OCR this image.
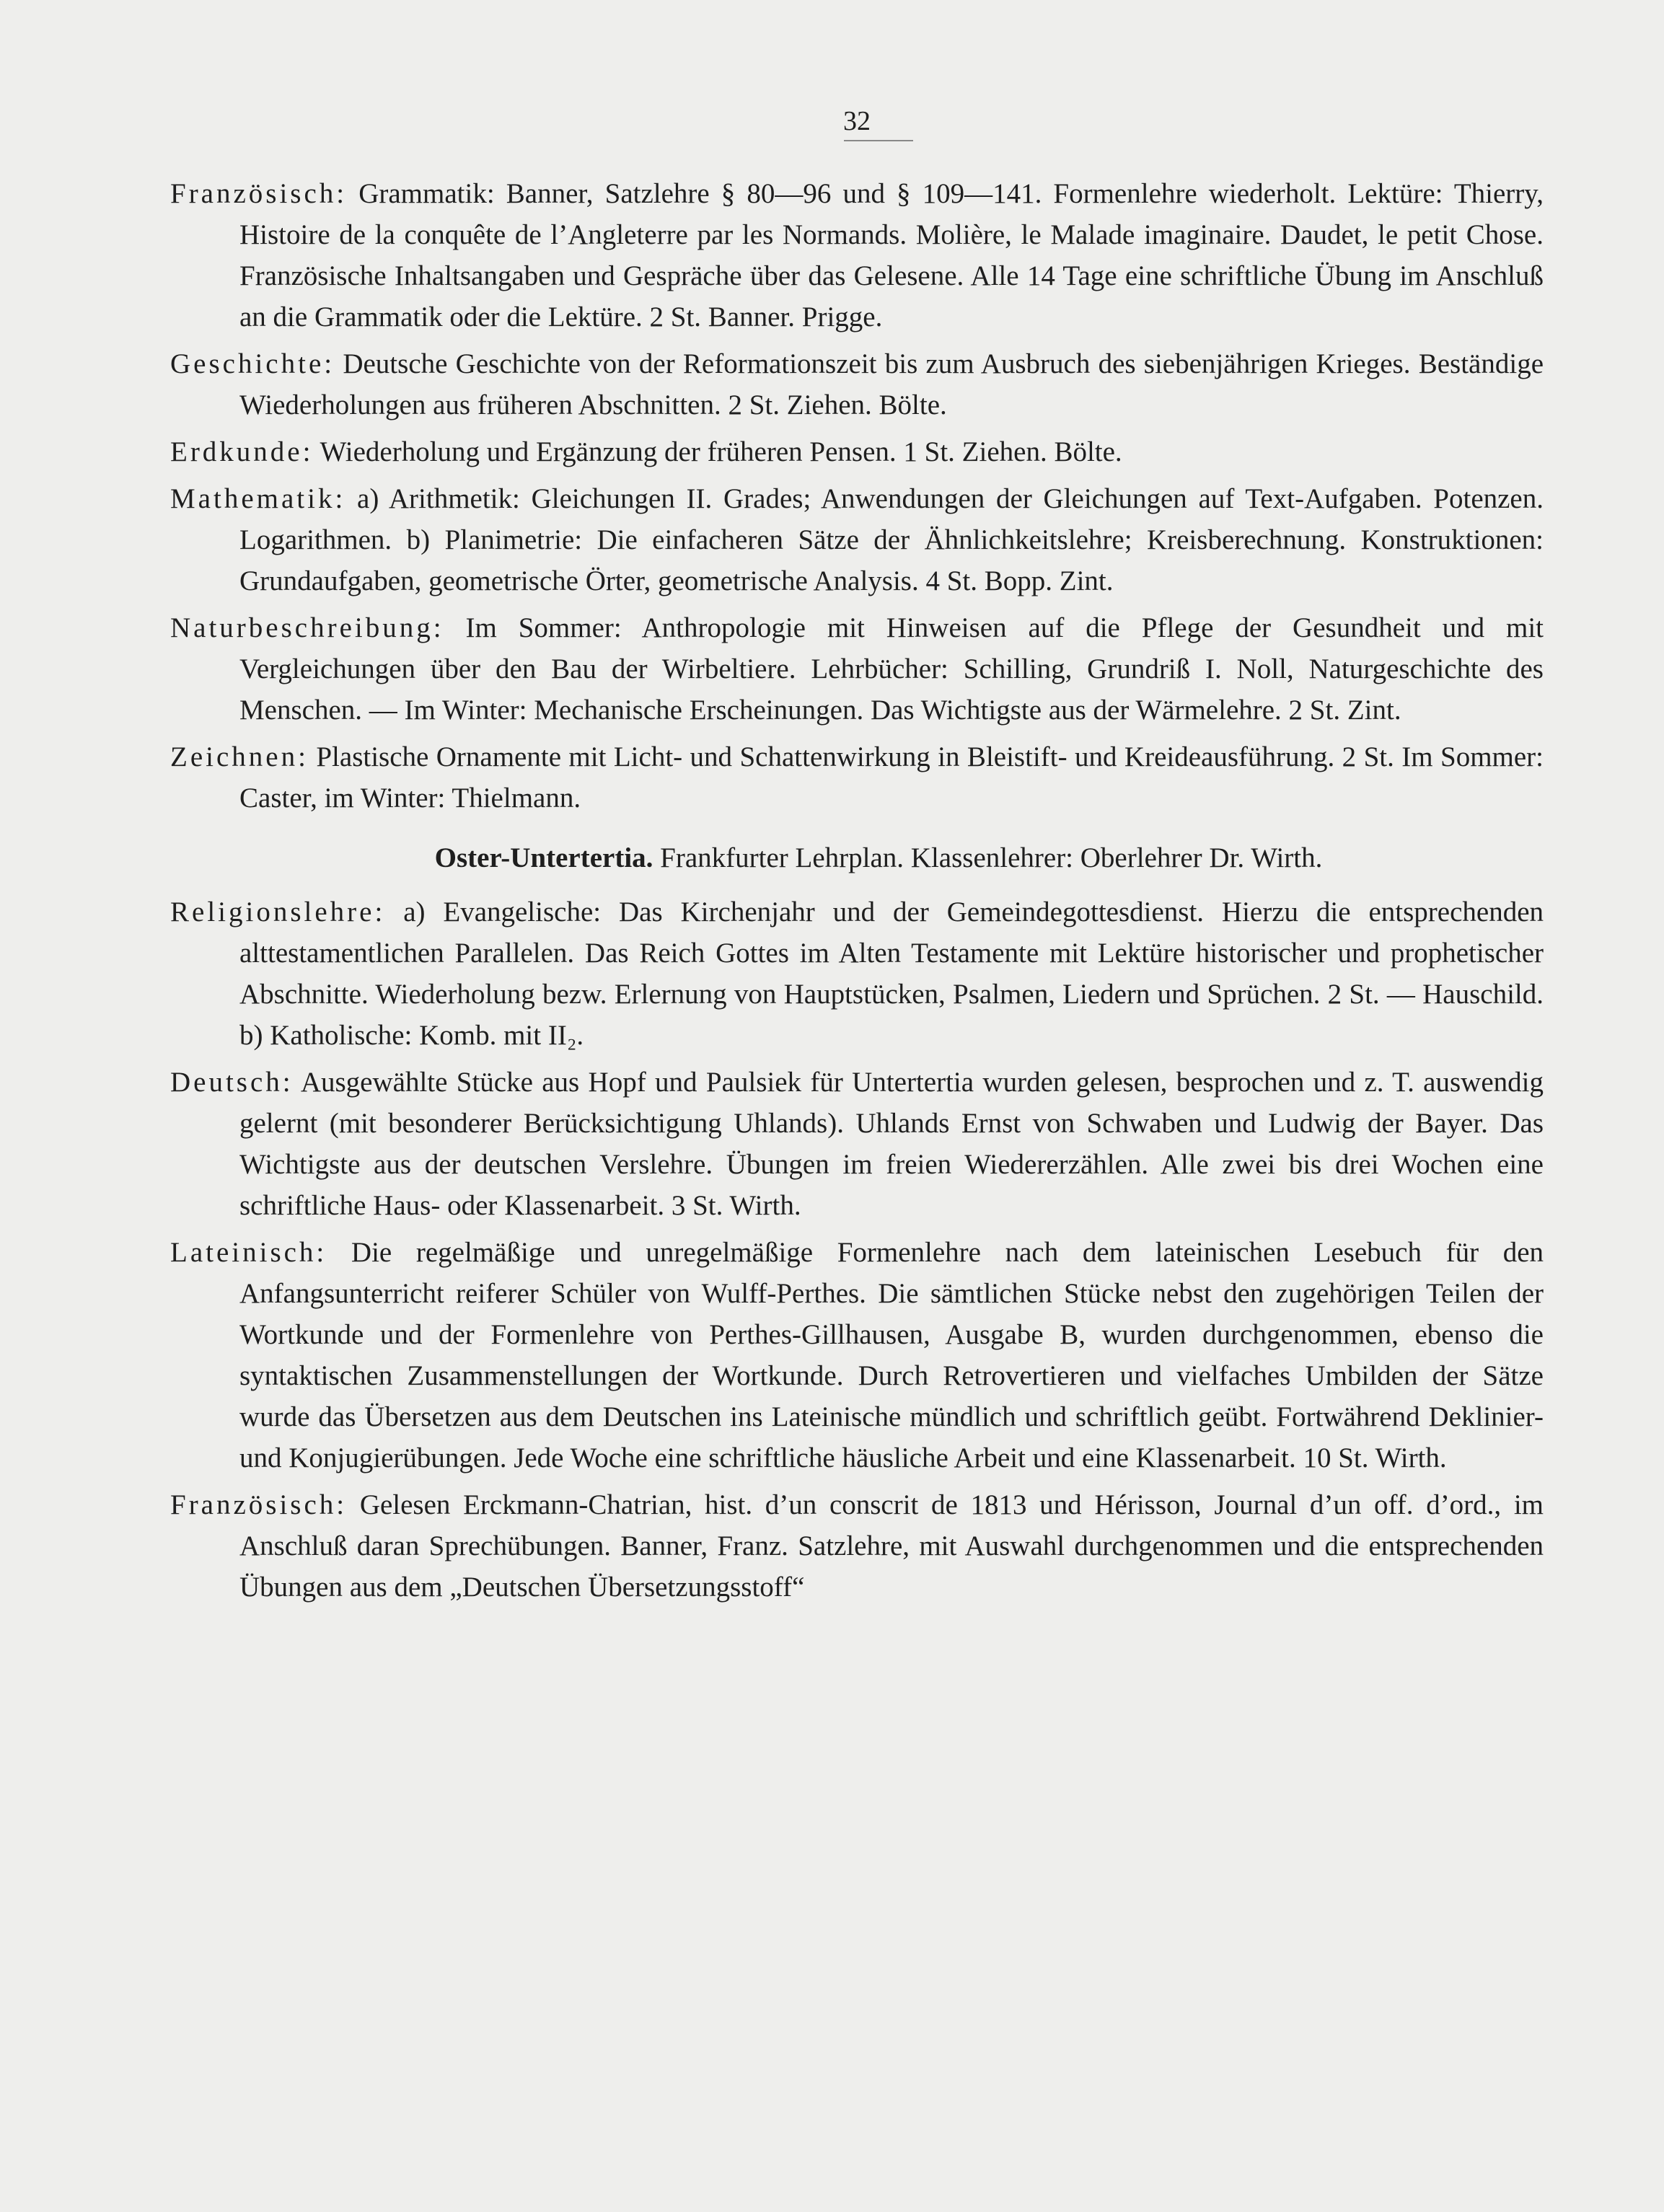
32

Französisch: Grammatik: Banner, Satzlehre § 80—96 und § 109—141. Formenlehre wiederholt. Lektüre: Thierry, Histoire de la conquête de l’Angleterre par les Normands. Molière, le Malade imaginaire. Daudet, le petit Chose. Französische Inhaltsangaben und Gespräche über das Gelesene. Alle 14 Tage eine schriftliche Übung im Anschluß an die Grammatik oder die Lektüre. 2 St. Banner. Prigge.

Geschichte: Deutsche Geschichte von der Reformationszeit bis zum Ausbruch des siebenjährigen Krieges. Beständige Wiederholungen aus früheren Abschnitten. 2 St. Ziehen. Bölte.

Erdkunde: Wiederholung und Ergänzung der früheren Pensen. 1 St. Ziehen. Bölte.

Mathematik: a) Arithmetik: Gleichungen II. Grades; Anwendungen der Gleichungen auf Text-Aufgaben. Potenzen. Logarithmen. b) Planimetrie: Die einfacheren Sätze der Ähnlichkeitslehre; Kreisberechnung. Konstruktionen: Grundaufgaben, geometrische Örter, geometrische Analysis. 4 St. Bopp. Zint.

Naturbeschreibung: Im Sommer: Anthropologie mit Hinweisen auf die Pflege der Gesundheit und mit Vergleichungen über den Bau der Wirbeltiere. Lehrbücher: Schilling, Grundriß I. Noll, Naturgeschichte des Menschen. — Im Winter: Mechanische Erscheinungen. Das Wichtigste aus der Wärmelehre. 2 St. Zint.

Zeichnen: Plastische Ornamente mit Licht- und Schattenwirkung in Bleistift- und Kreideausführung. 2 St. Im Sommer: Caster, im Winter: Thielmann.

Oster-Untertertia. Frankfurter Lehrplan. Klassenlehrer: Oberlehrer Dr. Wirth.

Religionslehre: a) Evangelische: Das Kirchenjahr und der Gemeindegottesdienst. Hierzu die entsprechenden alttestamentlichen Parallelen. Das Reich Gottes im Alten Testamente mit Lektüre historischer und prophetischer Abschnitte. Wiederholung bezw. Erlernung von Hauptstücken, Psalmen, Liedern und Sprüchen. 2 St. — Hauschild. b) Katholische: Komb. mit II₂.

Deutsch: Ausgewählte Stücke aus Hopf und Paulsiek für Untertertia wurden gelesen, besprochen und z. T. auswendig gelernt (mit besonderer Berücksichtigung Uhlands). Uhlands Ernst von Schwaben und Ludwig der Bayer. Das Wichtigste aus der deutschen Verslehre. Übungen im freien Wiedererzählen. Alle zwei bis drei Wochen eine schriftliche Haus- oder Klassenarbeit. 3 St. Wirth.

Lateinisch: Die regelmäßige und unregelmäßige Formenlehre nach dem lateinischen Lesebuch für den Anfangsunterricht reiferer Schüler von Wulff-Perthes. Die sämtlichen Stücke nebst den zugehörigen Teilen der Wortkunde und der Formenlehre von Perthes-Gillhausen, Ausgabe B, wurden durchgenommen, ebenso die syntaktischen Zusammenstellungen der Wortkunde. Durch Retrovertieren und vielfaches Umbilden der Sätze wurde das Übersetzen aus dem Deutschen ins Lateinische mündlich und schriftlich geübt. Fortwährend Deklinier- und Konjugierübungen. Jede Woche eine schriftliche häusliche Arbeit und eine Klassenarbeit. 10 St. Wirth.

Französisch: Gelesen Erckmann-Chatrian, hist. d’un conscrit de 1813 und Hérisson, Journal d’un off. d’ord., im Anschluß daran Sprechübungen. Banner, Franz. Satzlehre, mit Auswahl durchgenommen und die entsprechenden Übungen aus dem „Deutschen Übersetzungsstoff“
